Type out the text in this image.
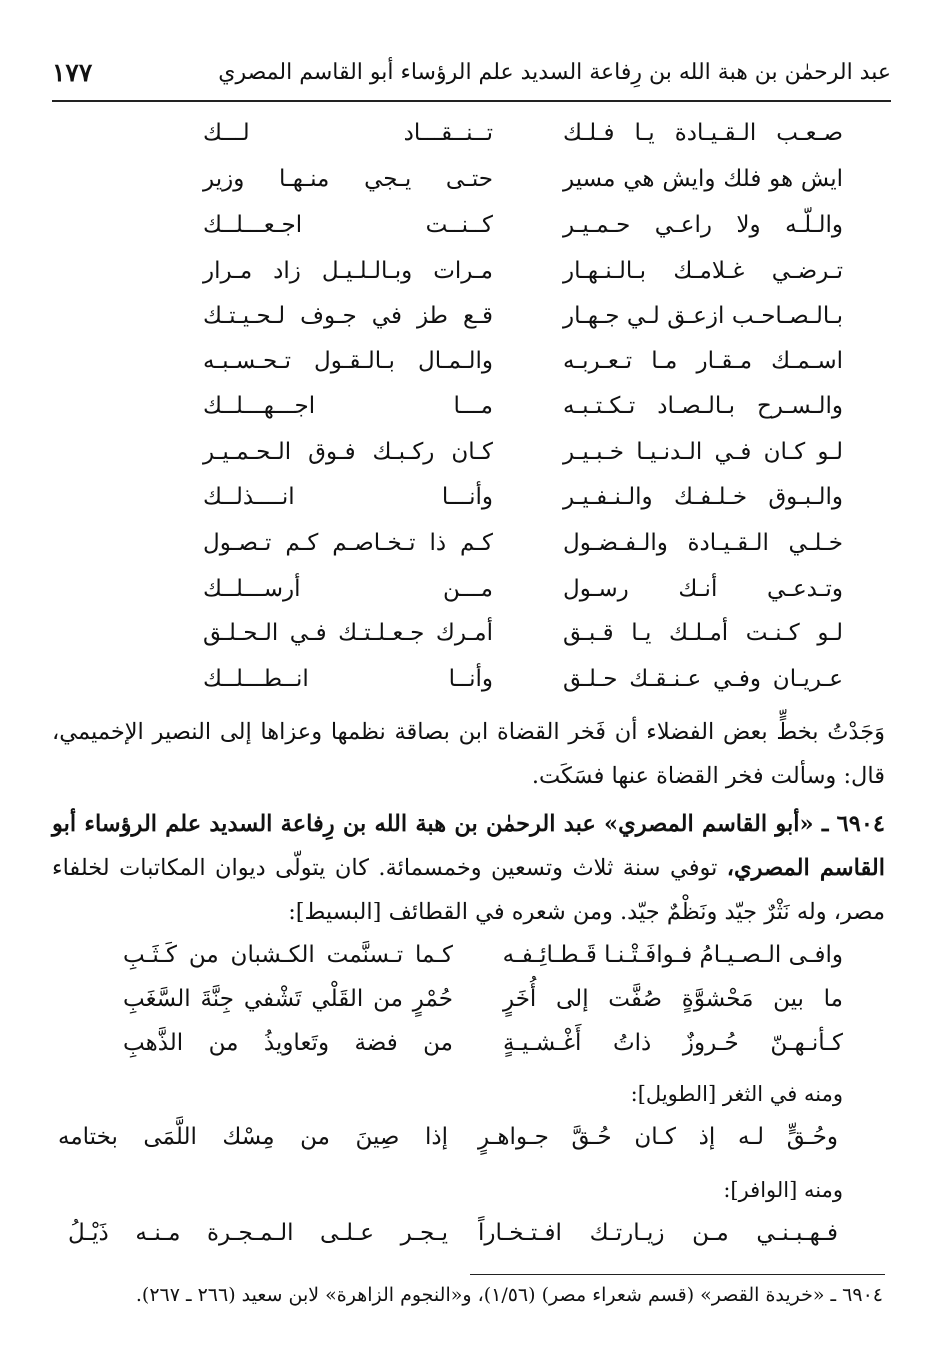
عبد الرحمٰن بن هبة الله بن رِفاعة السديد علم الرؤساء أبو القاسم المصري
١٧٧
صـعـب الـقـيـادة يـا فـلـك
تــنــقـــاد لـــك
ايش هو فلك وايش هي مسير
حتـى يـجي منـهـا وزير
والـلّـه ولا راعـي حـمـيـر
كــنــت اجـعـــلــك
تـرضـي غـلامـك بـالـنـهـار
مـرات وبـالـلـيـل زاد مـرار
بـالـصـاحـب ازعـق لـي جـهـار
قـع طز في جـوف لـحـيـتـك
اسـمـك مـقـار مـا تـعـربـه
والـمـال بـالـقـول تـحـسـبـه
والـسـرح بـالـصـاد تـكـتـبـه
مـــا اجـــهـــلــك
لـو كـان فـي الـدنـيـا خـبـيـر
كـان ركـبـك فـوق الـحـمـيـر
والـبـوق خـلـفـك والـنـفـيـر
وأنـــا انــــذلــك
خـلـي الـقـيـادة والـفـضـول
كـم ذا تـخـاصـم كـم تـصـول
وتـدعـي أنـك رسـول
مـــن أرســـلــك
لـو كـنـت أمـلـك يـا قـبـق
أمـرك جـعـلـتـك فـي الـحـلـق
عـريـان وفـي عـنـقـك حـلـق
وأنــا انــطـــلــك
وَجَدْتُ بخطٍّ بعض الفضلاء أن فَخر القضاة ابن بصاقة نظمها وعزاها إلى النصير الإخميمي، قال: وسألت فخر القضاة عنها فسَكَت.
٦٩٠٤ ـ «أبو القاسم المصري» عبد الرحمٰن بن هبة الله بن رِفاعة السديد علم الرؤساء أبو القاسم المصري، توفي سنة ثلاث وتسعين وخمسمائة. كان يتولّى ديوان المكاتبات لخلفاء مصر، وله نَثْرٌ جيّد ونَظْمٌ جيّد. ومن شعره في القطائف [البسيط]:
وافـى الـصـيـامُ فـوافَـتْـنـا قَـطـائِـفـه
كـما تـسنَّمت الكـشبان من كَـثَـبِ
ما بين مَحْشوَّةٍ صُفَّت إلى أُخَرٍ
حُمْرٍ من القَلْي تَشْفي جِنَّةَ السَّغَبِ
كـأنـهـنّ حُـروزٌ ذاتُ أَغْـشـيـةٍ
من فضة وتَعاويذُ من الذَّهبِ
ومنه في الثغر [الطويل]:
وحُـقٍّ لـه إذ كـان حُـقَّ جـواهـرٍ
إذا صِينَ من مِسْك اللَّمَى بختامه
ومنه [الوافر]:
فـهـبـنـي مـن زيـارتـك افـتـخـاراً
يـجـر عـلـى الـمـجـرة مـنـه ذَيْـلُ
٦٩٠٤ ـ «خريدة القصر» (قسم شعراء مصر) (١/٥٦)، و«النجوم الزاهرة» لابن سعيد (٢٦٦ ـ ٢٦٧).
